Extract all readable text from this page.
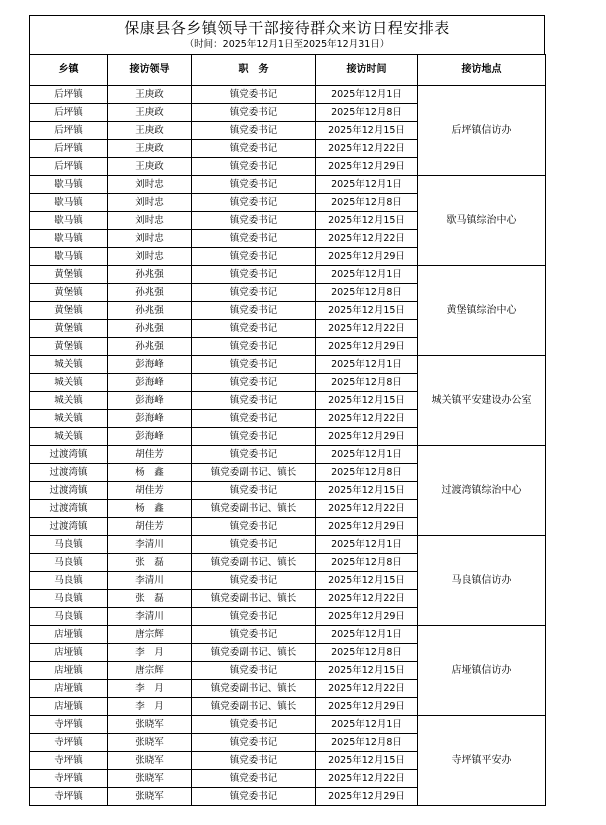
保康县各乡镇领导干部接待群众来访日程安排表
（时间：2025年12月1日至2025年12月31日）
乡镇	接访领导	职　务	接访时间	接访地点
后坪镇	王庚政	镇党委书记	2025年12月1日	后坪镇信访办
后坪镇	王庚政	镇党委书记	2025年12月8日	
后坪镇	王庚政	镇党委书记	2025年12月15日	
后坪镇	王庚政	镇党委书记	2025年12月22日	
后坪镇	王庚政	镇党委书记	2025年12月29日	
歇马镇	刘时忠	镇党委书记	2025年12月1日	歇马镇综治中心
歇马镇	刘时忠	镇党委书记	2025年12月8日	
歇马镇	刘时忠	镇党委书记	2025年12月15日	
歇马镇	刘时忠	镇党委书记	2025年12月22日	
歇马镇	刘时忠	镇党委书记	2025年12月29日	
黄堡镇	孙兆强	镇党委书记	2025年12月1日	黄堡镇综治中心
黄堡镇	孙兆强	镇党委书记	2025年12月8日	
黄堡镇	孙兆强	镇党委书记	2025年12月15日	
黄堡镇	孙兆强	镇党委书记	2025年12月22日	
黄堡镇	孙兆强	镇党委书记	2025年12月29日	
城关镇	彭海峰	镇党委书记	2025年12月1日	城关镇平安建设办公室
城关镇	彭海峰	镇党委书记	2025年12月8日	
城关镇	彭海峰	镇党委书记	2025年12月15日	
城关镇	彭海峰	镇党委书记	2025年12月22日	
城关镇	彭海峰	镇党委书记	2025年12月29日	
过渡湾镇	胡佳芳	镇党委书记	2025年12月1日	过渡湾镇综治中心
过渡湾镇	杨　鑫	镇党委副书记、镇长	2025年12月8日	
过渡湾镇	胡佳芳	镇党委书记	2025年12月15日	
过渡湾镇	杨　鑫	镇党委副书记、镇长	2025年12月22日	
过渡湾镇	胡佳芳	镇党委书记	2025年12月29日	
马良镇	李清川	镇党委书记	2025年12月1日	马良镇信访办
马良镇	张　磊	镇党委副书记、镇长	2025年12月8日	
马良镇	李清川	镇党委书记	2025年12月15日	
马良镇	张　磊	镇党委副书记、镇长	2025年12月22日	
马良镇	李清川	镇党委书记	2025年12月29日	
店垭镇	唐宗辉	镇党委书记	2025年12月1日	店垭镇信访办
店垭镇	李　月	镇党委副书记、镇长	2025年12月8日	
店垭镇	唐宗辉	镇党委书记	2025年12月15日	
店垭镇	李　月	镇党委副书记、镇长	2025年12月22日	
店垭镇	李　月	镇党委副书记、镇长	2025年12月29日	
寺坪镇	张晓军	镇党委书记	2025年12月1日	寺坪镇平安办
寺坪镇	张晓军	镇党委书记	2025年12月8日	
寺坪镇	张晓军	镇党委书记	2025年12月15日	
寺坪镇	张晓军	镇党委书记	2025年12月22日	
寺坪镇	张晓军	镇党委书记	2025年12月29日	
